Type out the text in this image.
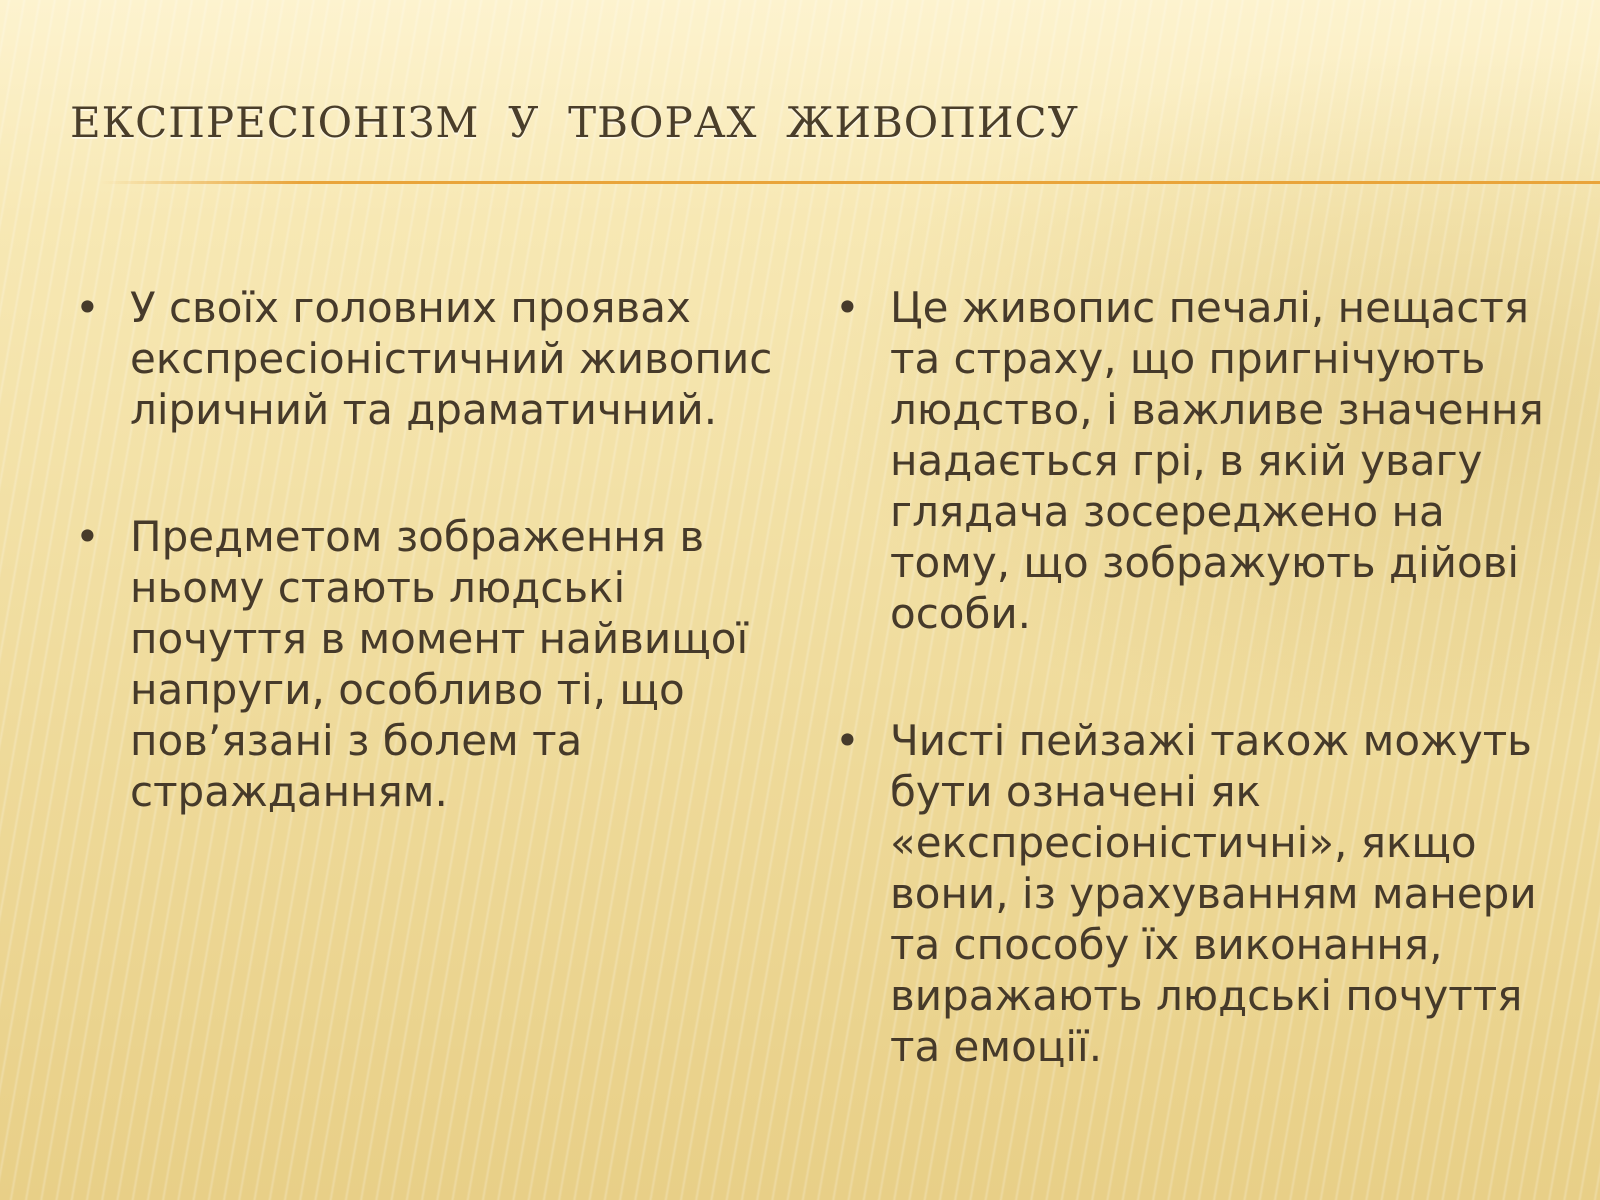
ЕКСПРЕСІОНІЗМ  У  ТВОРАХ  ЖИВОПИСУ
• У своїх головних проявах експресіоністичний живопис ліричний та драматичний.
• Предметом зображення в ньому стають людські почуття в момент найвищої напруги, особливо ті, що пов’язані з болем та стражданням.
• Це живопис печалі, нещастя та страху, що пригнічують людство, і важливе значення надається грі, в якій увагу глядача зосереджено на тому, що зображують дійові особи.
• Чисті пейзажі також можуть бути означені як «експресіоністичні», якщо вони, із урахуванням манери та способу їх виконання, виражають людські почуття та емоції.
